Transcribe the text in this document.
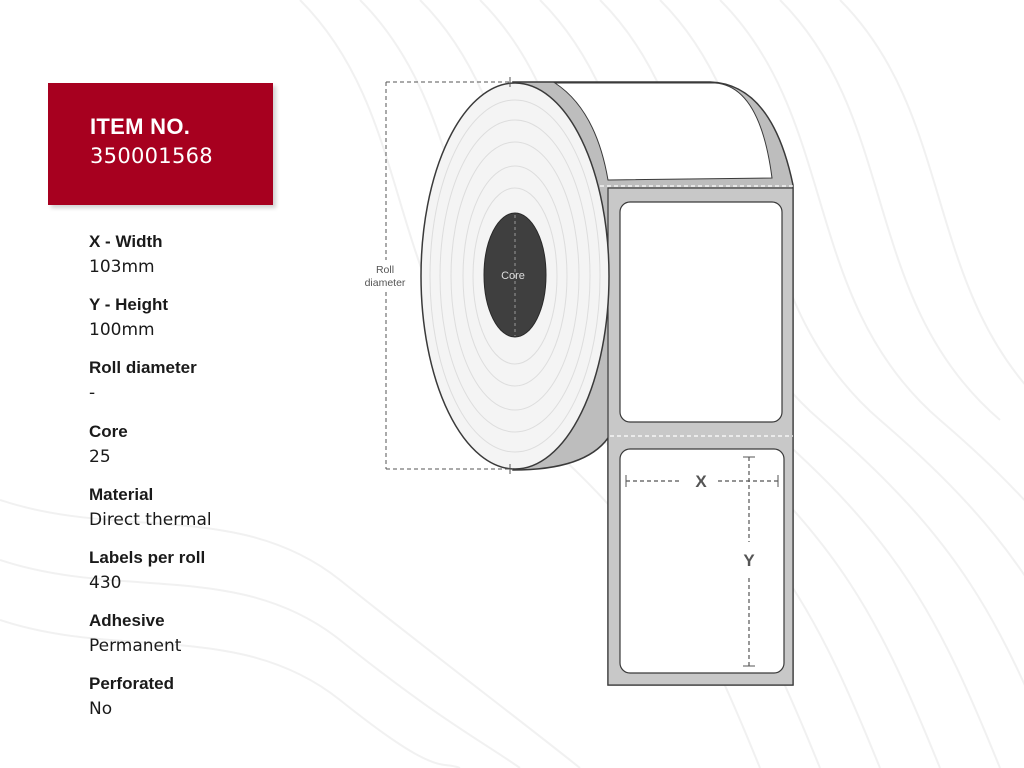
ITEM NO.
350001568
X - Width
103mm
Y - Height
100mm
Roll diameter
-
Core
25
Material
Direct thermal
Labels per roll
430
Adhesive
Permanent
Perforated
No
Core
Roll
diameter
X
Y
